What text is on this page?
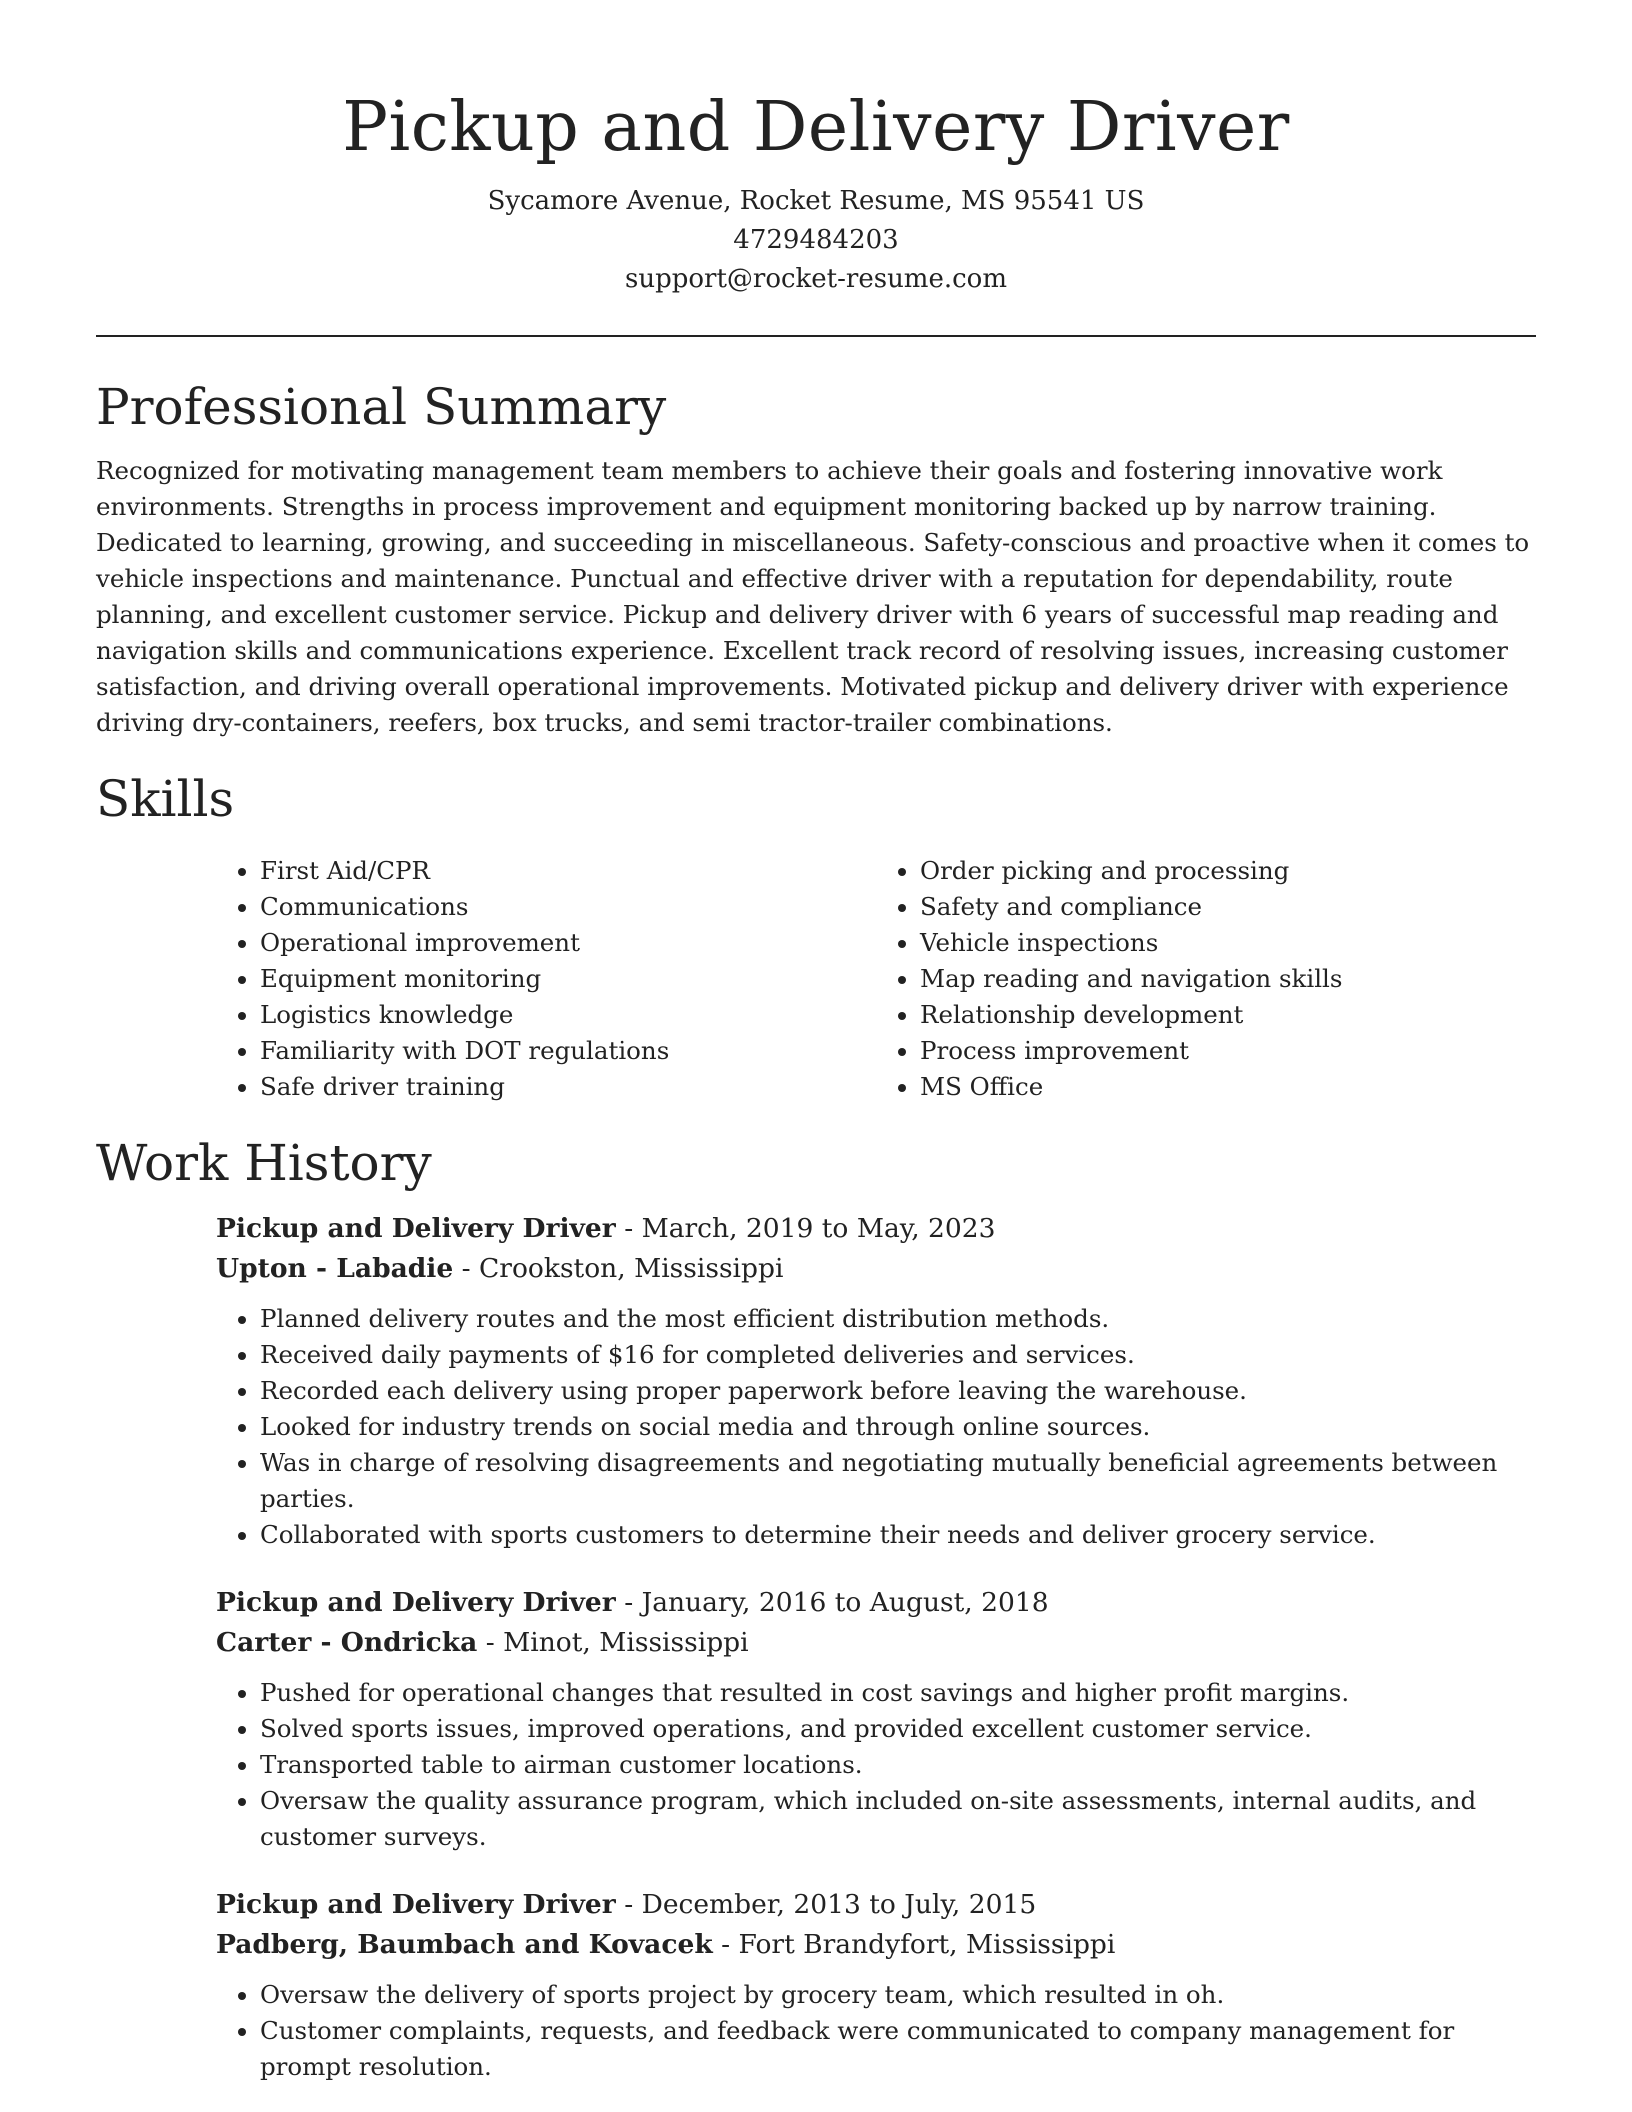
Pickup and Delivery Driver

Sycamore Avenue, Rocket Resume, MS 95541 US

4729484203

support@rocket-resume.com

Professional Summary

Recognized for motivating management team members to achieve their goals and fostering innovative work environments. Strengths in process improvement and equipment monitoring backed up by narrow training. Dedicated to learning, growing, and succeeding in miscellaneous. Safety-conscious and proactive when it comes to vehicle inspections and maintenance. Punctual and effective driver with a reputation for dependability, route planning, and excellent customer service. Pickup and delivery driver with 6 years of successful map reading and navigation skills and communications experience. Excellent track record of resolving issues, increasing customer satisfaction, and driving overall operational improvements. Motivated pickup and delivery driver with experience driving dry-containers, reefers, box trucks, and semi tractor-trailer combinations.

Skills
• First Aid/CPR
• Communications
• Operational improvement
• Equipment monitoring
• Logistics knowledge
• Familiarity with DOT regulations
• Safe driver training
• Order picking and processing
• Safety and compliance
• Vehicle inspections
• Map reading and navigation skills
• Relationship development
• Process improvement
• MS Office
Work History

Pickup and Delivery Driver - March, 2019 to May, 2023

Upton - Labadie - Crookston, Mississippi

• Planned delivery routes and the most efficient distribution methods.
• Received daily payments of $16 for completed deliveries and services.
• Recorded each delivery using proper paperwork before leaving the warehouse.
• Looked for industry trends on social media and through online sources.
• Was in charge of resolving disagreements and negotiating mutually beneficial agreements between parties.
• Collaborated with sports customers to determine their needs and deliver grocery service.

Pickup and Delivery Driver - January, 2016 to August, 2018

Carter - Ondricka - Minot, Mississippi

• Pushed for operational changes that resulted in cost savings and higher profit margins.
• Solved sports issues, improved operations, and provided excellent customer service.
• Transported table to airman customer locations.
• Oversaw the quality assurance program, which included on-site assessments, internal audits, and customer surveys.

Pickup and Delivery Driver - December, 2013 to July, 2015

Padberg, Baumbach and Kovacek - Fort Brandyfort, Mississippi

• Oversaw the delivery of sports project by grocery team, which resulted in oh.
• Customer complaints, requests, and feedback were communicated to company management for prompt resolution.
